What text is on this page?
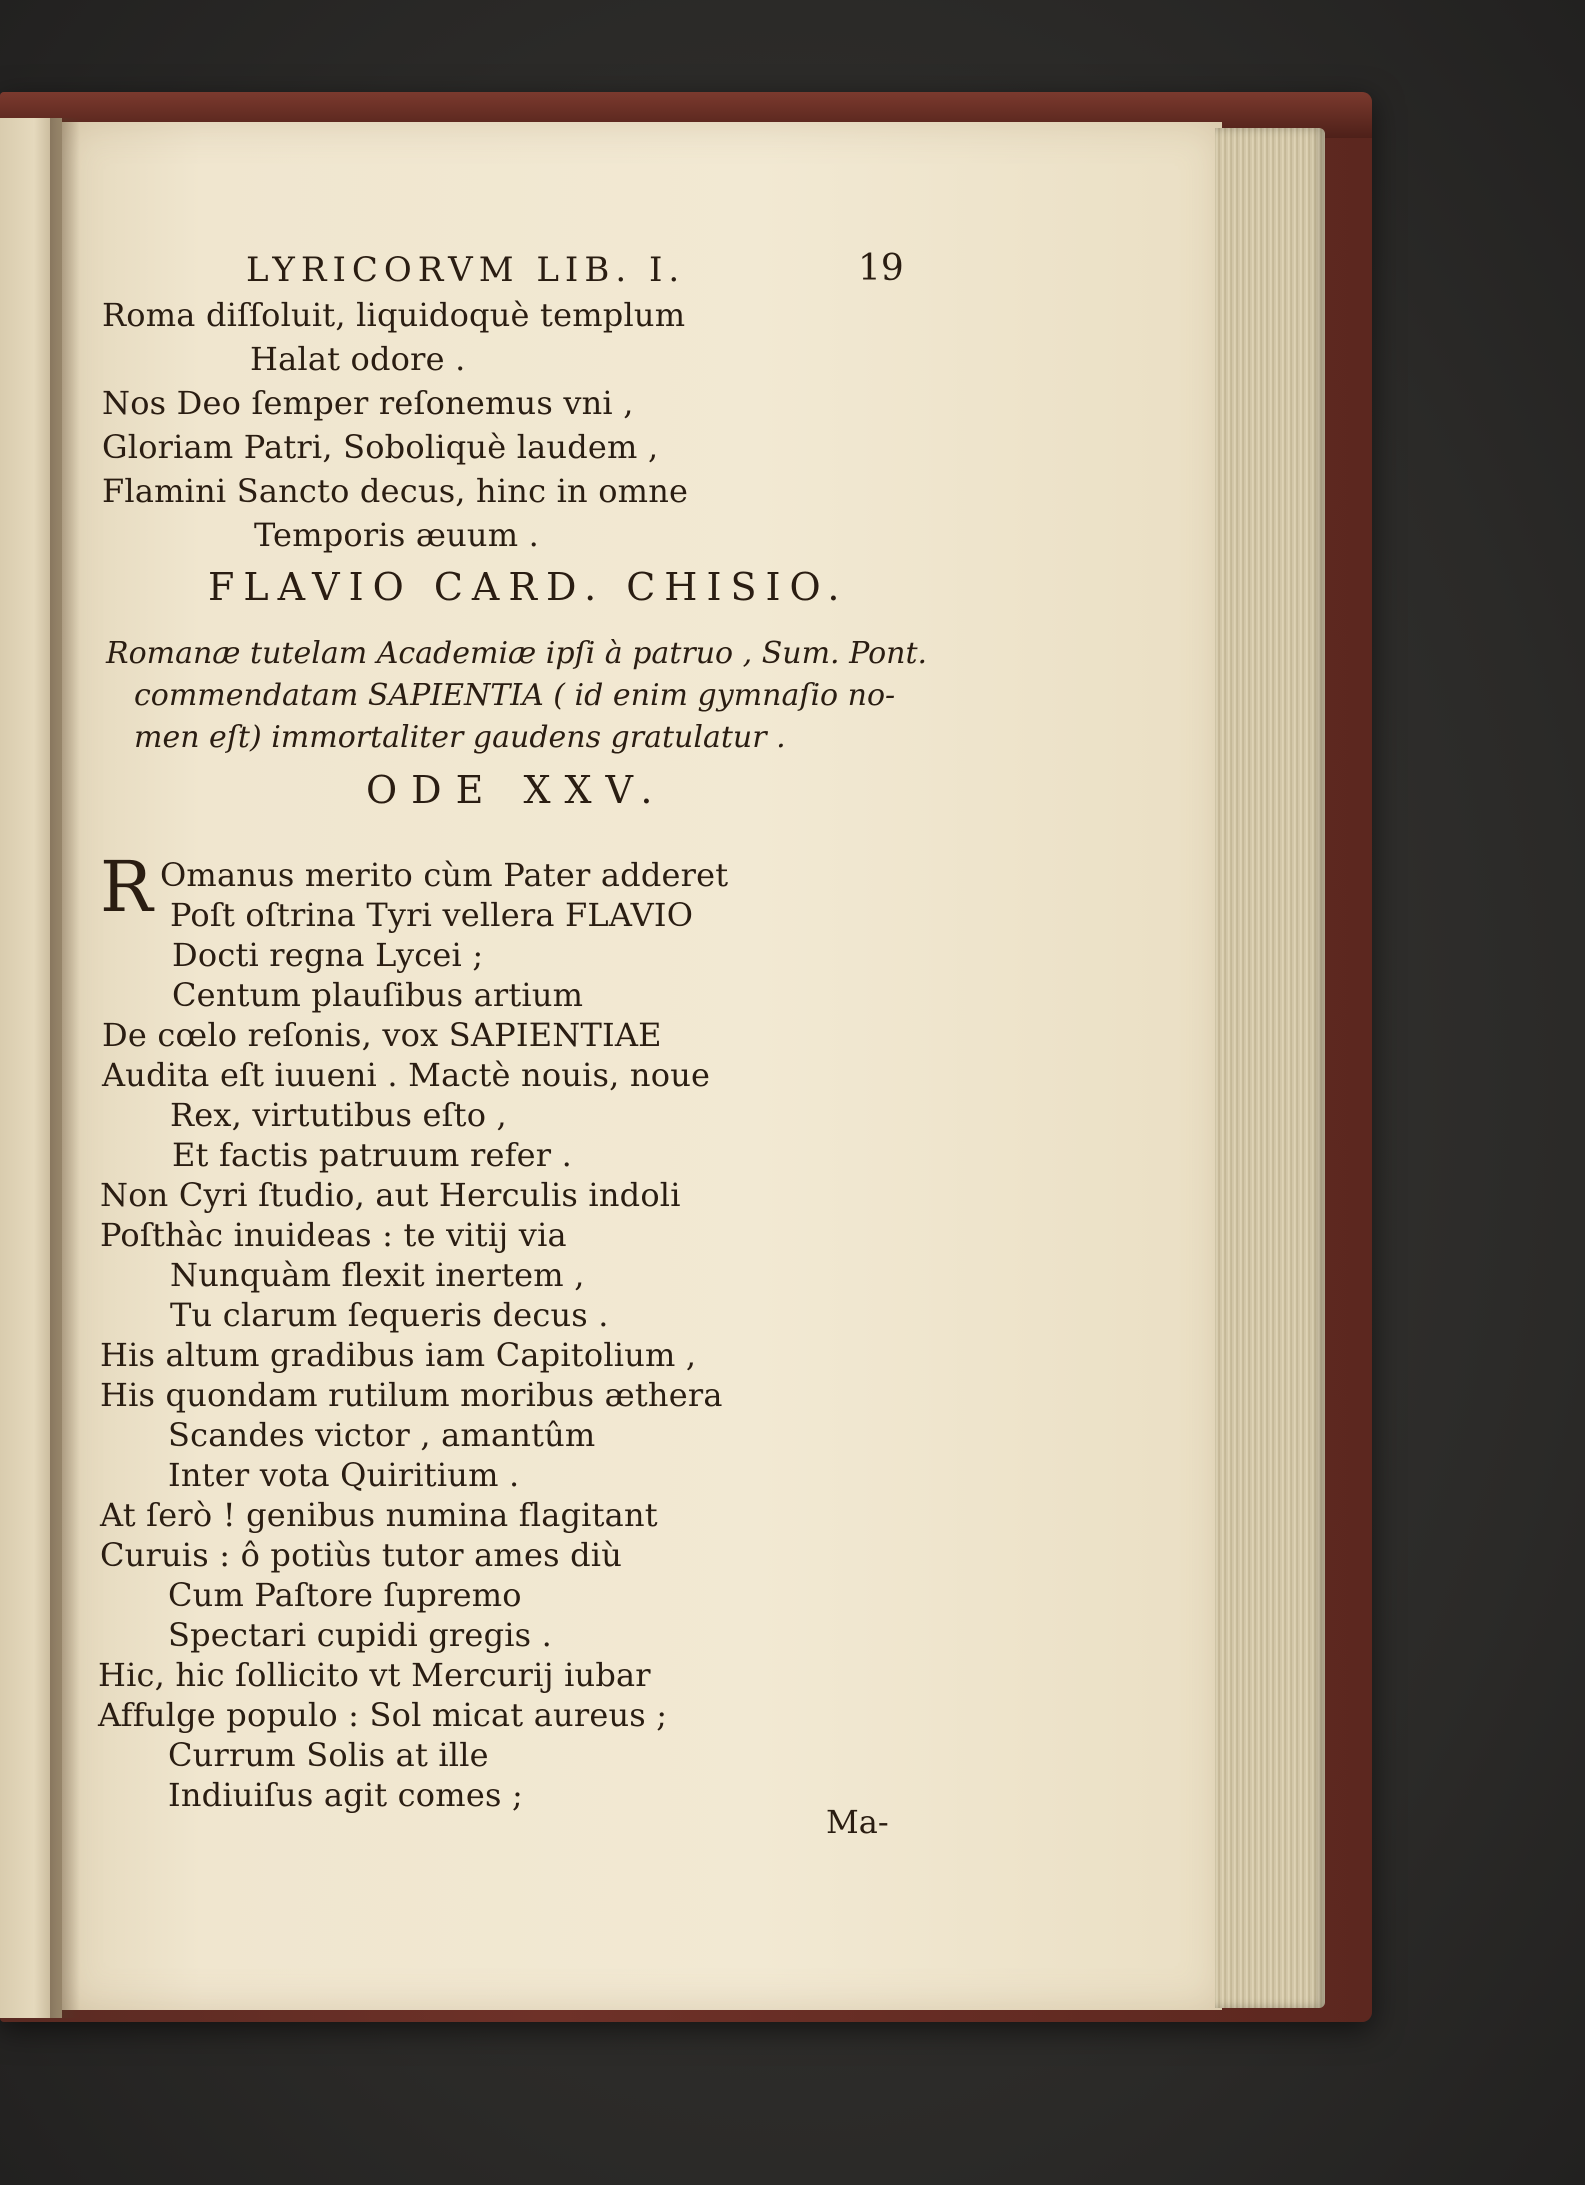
LYRICORVM LIB. I.	19
Roma diſſoluit, liquidoquè templum
Halat odore .
Nos Deo ſemper reſonemus vni ,
Gloriam Patri, Soboliquè laudem ,
Flamini Sancto decus, hinc in omne
Temporis æuum .
FLAVIO CARD. CHISIO.
Romanæ tutelam Academiæ ipſi à patruo , Sum. Pont.
commendatam SAPIENTIA ( id enim gymnaſio no-
men eſt) immortaliter gaudens gratulatur .
ODE XXV.
R Omanus merito cùm Pater adderet
Poſt oſtrina Tyri vellera FLAVIO
Docti regna Lycei ;
Centum plauſibus artium
De cœlo reſonis, vox SAPIENTIAE
Audita eſt iuueni . Mactè nouis, noue
Rex, virtutibus eſto ,
Et factis patruum refer .
Non Cyri ſtudio, aut Herculis indoli
Poſthàc inuideas : te vitij via
Nunquàm flexit inertem ,
Tu clarum ſequeris decus .
His altum gradibus iam Capitolium ,
His quondam rutilum moribus æthera
Scandes victor , amantûm
Inter vota Quiritium .
At ſerò ! genibus numina flagitant
Curuis : ô potiùs tutor ames diù
Cum Paſtore ſupremo
Spectari cupidi gregis .
Hic, hic ſollicito vt Mercurij iubar
Affulge populo : Sol micat aureus ;
Currum Solis at ille
Indiuiſus agit comes ;
Ma-
